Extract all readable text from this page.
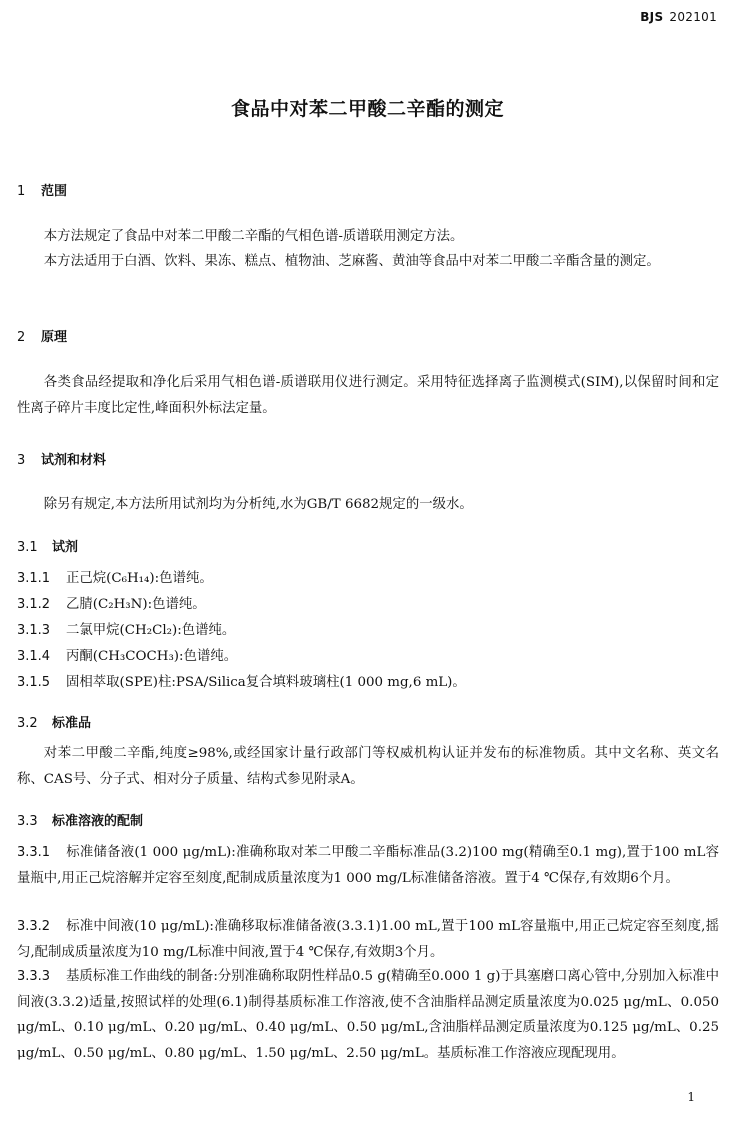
BJS 202101
食品中对苯二甲酸二辛酯的测定
1 范围
本方法规定了食品中对苯二甲酸二辛酯的气相色谱-质谱联用测定方法。
本方法适用于白酒、饮料、果冻、糕点、植物油、芝麻酱、黄油等食品中对苯二甲酸二辛酯含量的测定。
2 原理
各类食品经提取和净化后采用气相色谱-质谱联用仪进行测定。采用特征选择离子监测模式(SIM),以保留时间和定性离子碎片丰度比定性,峰面积外标法定量。
3 试剂和材料
除另有规定,本方法所用试剂均为分析纯,水为GB/T 6682规定的一级水。
3.1 试剂
3.1.1 正己烷(C₆H₁₄):色谱纯。
3.1.2 乙腈(C₂H₃N):色谱纯。
3.1.3 二氯甲烷(CH₂Cl₂):色谱纯。
3.1.4 丙酮(CH₃COCH₃):色谱纯。
3.1.5 固相萃取(SPE)柱:PSA/Silica复合填料玻璃柱(1 000 mg,6 mL)。
3.2 标准品
对苯二甲酸二辛酯,纯度≥98%,或经国家计量行政部门等权威机构认证并发布的标准物质。其中文名称、英文名称、CAS号、分子式、相对分子质量、结构式参见附录A。
3.3 标准溶液的配制
3.3.1 标准储备液(1 000 μg/mL):准确称取对苯二甲酸二辛酯标准品(3.2)100 mg(精确至0.1 mg),置于100 mL容量瓶中,用正己烷溶解并定容至刻度,配制成质量浓度为1 000 mg/L标准储备溶液。置于4 ℃保存,有效期6个月。
3.3.2 标准中间液(10 μg/mL):准确移取标准储备液(3.3.1)1.00 mL,置于100 mL容量瓶中,用正己烷定容至刻度,摇匀,配制成质量浓度为10 mg/L标准中间液,置于4 ℃保存,有效期3个月。
3.3.3 基质标准工作曲线的制备:分别准确称取阴性样品0.5 g(精确至0.000 1 g)于具塞磨口离心管中,分别加入标准中间液(3.3.2)适量,按照试样的处理(6.1)制得基质标准工作溶液,使不含油脂样品测定质量浓度为0.025 μg/mL、0.050 μg/mL、0.10 μg/mL、0.20 μg/mL、0.40 μg/mL、0.50 μg/mL,含油脂样品测定质量浓度为0.125 μg/mL、0.25 μg/mL、0.50 μg/mL、0.80 μg/mL、1.50 μg/mL、2.50 μg/mL。基质标准工作溶液应现配现用。
1
